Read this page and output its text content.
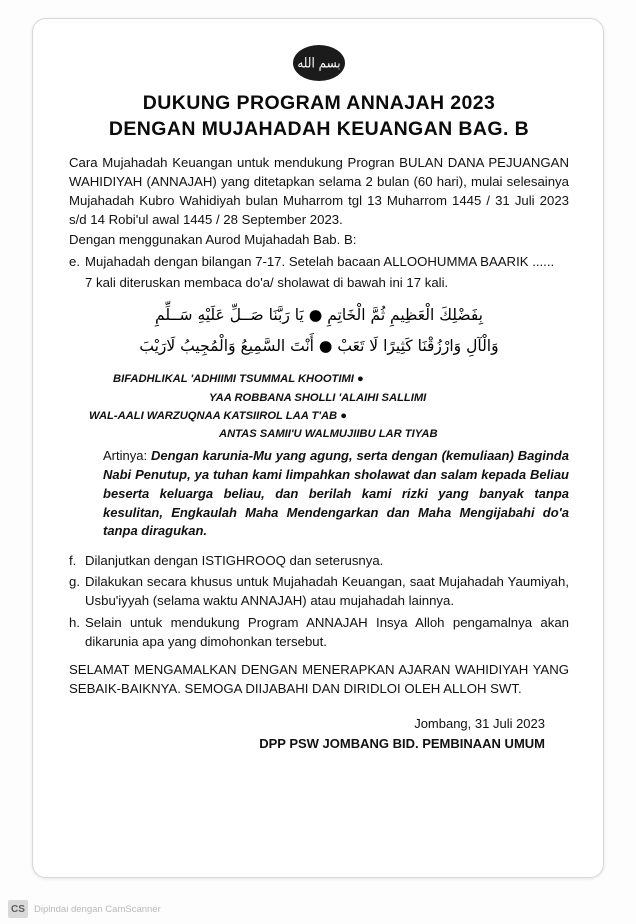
بسم الله
DUKUNG PROGRAM ANNAJAH 2023
DENGAN MUJAHADAH KEUANGAN BAG. B

Cara Mujahadah Keuangan untuk mendukung Progran BULAN DANA PEJUANGAN WAHIDIYAH (ANNAJAH) yang ditetapkan selama 2 bulan (60 hari), mulai selesainya Mujahadah Kubro Wahidiyah bulan Muharrom tgl 13 Muharrom 1445 / 31 Juli 2023 s/d 14 Robi'ul awal 1445 / 28 September 2023.

Dengan menggunakan Aurod Mujahadah Bab. B:

e. Mujahadah dengan bilangan 7-17. Setelah bacaan ALLOOHUMMA BAARIK ......
7 kali diteruskan membaca do'a/ sholawat di bawah ini 17 kali.
بِفَضْلِكَ الْعَظِيمِ ثُمَّ الْخَاتِمِ ● يَا رَبَّنَا صَــلِّ عَلَيْهِ سَــلِّمِ
وَالْآلِ وَارْزُقْنَا كَثِيرًا لَا تَعَبْ ● أَنْتَ السَّمِيعُ وَالْمُجِيبُ لَارَيْبَ
BIFADHLIKAL 'ADHIIMI TSUMMAL KHOOTIMI ●
YAA ROBBANA SHOLLI 'ALAIHI SALLIMI
WAL-AALI WARZUQNAA KATSIIROL LAA T'AB ●
ANTAS SAMII'U WALMUJIIBU LAR TIYAB
Artinya: Dengan karunia-Mu yang agung, serta dengan (kemuliaan) Baginda Nabi Penutup, ya tuhan kami limpahkan sholawat dan salam kepada Beliau beserta keluarga beliau, dan berilah kami rizki yang banyak tanpa kesulitan, Engkaulah Maha Mendengarkan dan Maha Mengijabahi do'a tanpa diragukan.
f. Dilanjutkan dengan ISTIGHROOQ dan seterusnya.
g. Dilakukan secara khusus untuk Mujahadah Keuangan, saat Mujahadah Yaumiyah, Usbu'iyyah (selama waktu ANNAJAH) atau mujahadah lainnya.
h. Selain untuk mendukung Program ANNAJAH Insya Alloh pengamalnya akan dikarunia apa yang dimohonkan tersebut.

SELAMAT MENGAMALKAN DENGAN MENERAPKAN AJARAN WAHIDIYAH YANG SEBAIK-BAIKNYA. SEMOGA DIIJABAHI DAN DIRIDLOI OLEH ALLOH SWT.

Jombang, 31 Juli 2023
DPP PSW JOMBANG BID. PEMBINAAN UMUM
CS Dipindai dengan CamScanner
